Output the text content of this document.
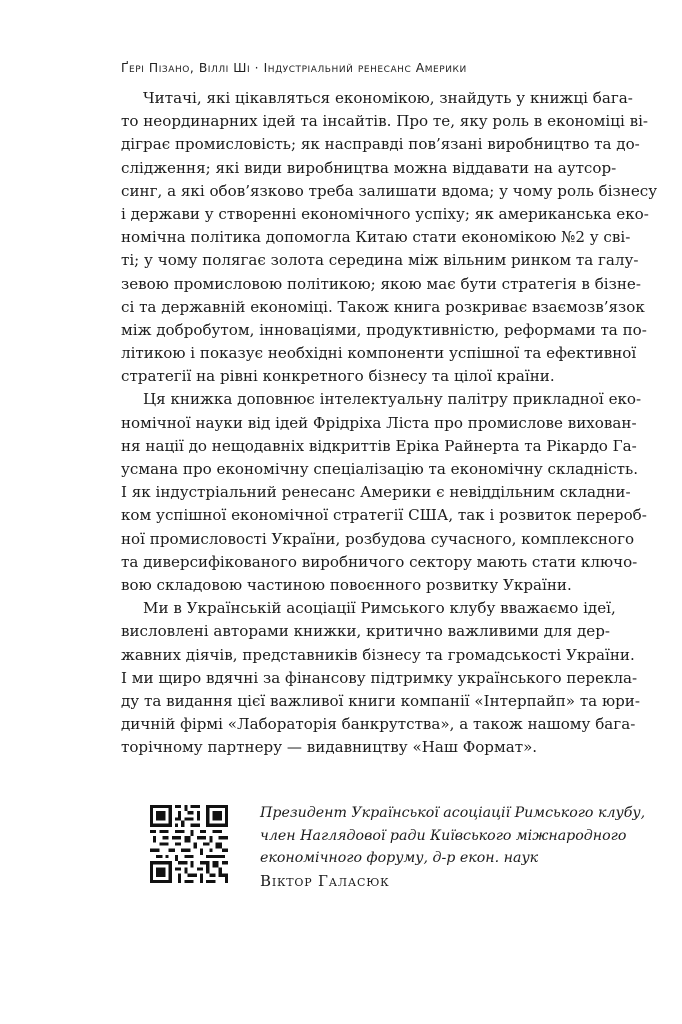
Ґері Пізано, Віллі Ші · Індустріальний ренесанс Америки
Читачі, які цікавляться економікою, знайдуть у книжці бага-
то неординарних ідей та інсайтів. Про те, яку роль в економіці ві-
діграє промисловість; як насправді пов’язані виробництво та до-
слідження; які види виробництва можна віддавати на аутсор-
синг, а які обов’язково треба залишати вдома; у чому роль бізнесу
і держави у створенні економічного успіху; як американська еко-
номічна політика допомогла Китаю стати економікою №2 у сві-
ті; у чому полягає золота середина між вільним ринком та галу-
зевою промисловою політикою; якою має бути стратегія в бізне-
сі та державній економіці. Також книга розкриває взаємозв’язок
між добробутом, інноваціями, продуктивністю, реформами та по-
літикою і показує необхідні компоненти успішної та ефективної
стратегії на рівні конкретного бізнесу та цілої країни.
Ця книжка доповнює інтелектуальну палітру прикладної еко-
номічної науки від ідей Фрідріха Ліста про промислове вихован-
ня нації до нещодавніх відкриттів Еріка Райнерта та Рікардо Га-
усмана про економічну спеціалізацію та економічну складність.
І як індустріальний ренесанс Америки є невіддільним складни-
ком успішної економічної стратегії США, так і розвиток перероб-
ної промисловості України, розбудова сучасного, комплексного
та диверсифікованого виробничого сектору мають стати ключо-
вою складовою частиною повоєнного розвитку України.
Ми в Українській асоціації Римського клубу вважаємо ідеї,
висловлені авторами книжки, критично важливими для дер-
жавних діячів, представників бізнесу та громадськості України.
І ми щиро вдячні за фінансову підтримку українського перекла-
ду та видання цієї важливої книги компанії «Інтерпайп» та юри-
дичній фірмі «Лабораторія банкрутства», а також нашому бага-
торічному партнеру — видавництву «Наш Формат».
Президент Української асоціації Римського клубу,
член Наглядової ради Київського міжнародного
економічного форуму, д-р екон. наук
Віктор Галасюк
